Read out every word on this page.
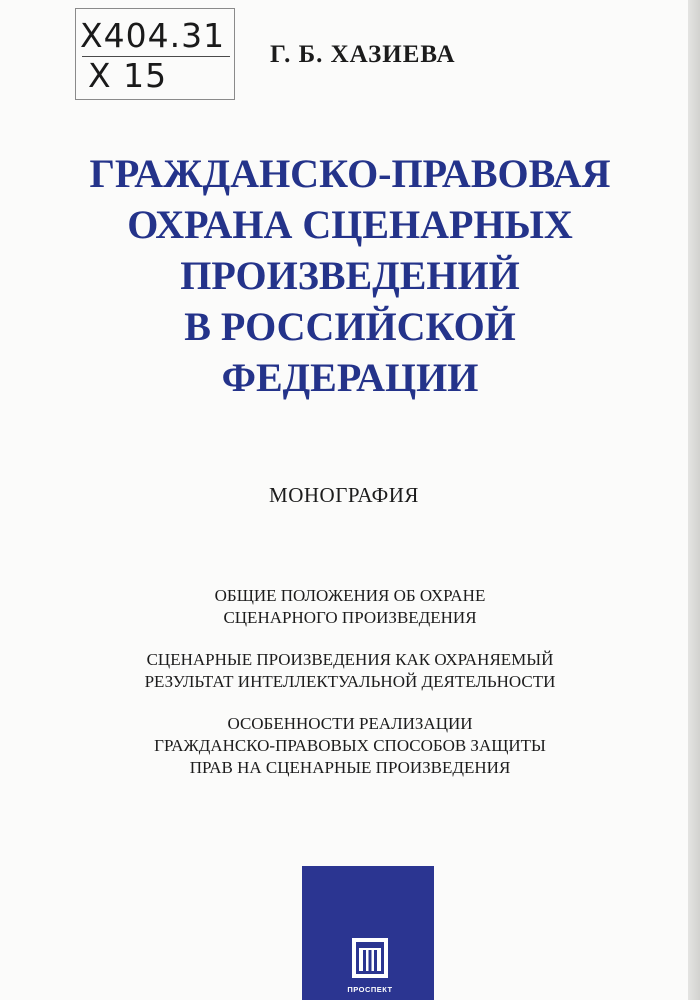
X404.31
X 15
Г. Б. ХАЗИЕВА
ГРАЖДАНСКО-ПРАВОВАЯ
ОХРАНА СЦЕНАРНЫХ
ПРОИЗВЕДЕНИЙ
В РОССИЙСКОЙ
ФЕДЕРАЦИИ
МОНОГРАФИЯ
ОБЩИЕ ПОЛОЖЕНИЯ ОБ ОХРАНЕ
СЦЕНАРНОГО ПРОИЗВЕДЕНИЯ
СЦЕНАРНЫЕ ПРОИЗВЕДЕНИЯ КАК ОХРАНЯЕМЫЙ
РЕЗУЛЬТАТ ИНТЕЛЛЕКТУАЛЬНОЙ ДЕЯТЕЛЬНОСТИ
ОСОБЕННОСТИ РЕАЛИЗАЦИИ
ГРАЖДАНСКО-ПРАВОВЫХ СПОСОБОВ ЗАЩИТЫ
ПРАВ НА СЦЕНАРНЫЕ ПРОИЗВЕДЕНИЯ
ПРОСПЕКТ
